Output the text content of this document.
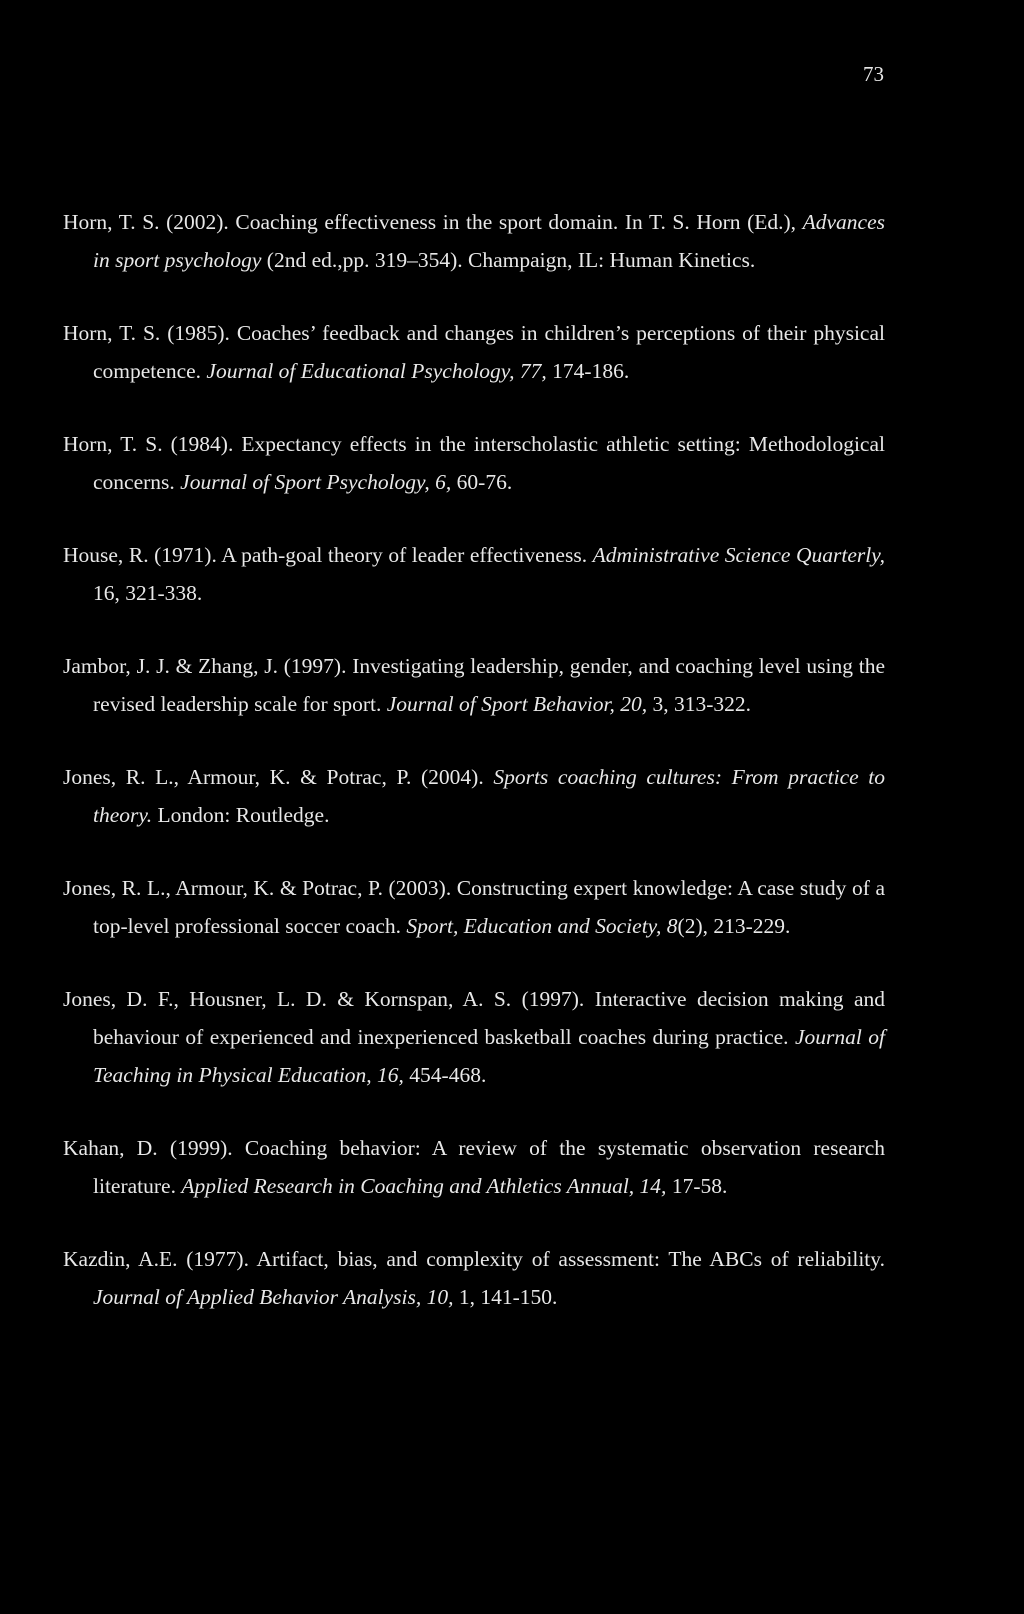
73

Horn, T. S. (2002). Coaching effectiveness in the sport domain. In T. S. Horn (Ed.), Advances in sport psychology (2nd ed.,pp. 319–354). Champaign, IL: Human Kinetics.

Horn, T. S. (1985). Coaches’ feedback and changes in children’s perceptions of their physical competence. Journal of Educational Psychology, 77, 174-186.

Horn, T. S. (1984). Expectancy effects in the interscholastic athletic setting: Methodological concerns. Journal of Sport Psychology, 6, 60-76.

House, R. (1971). A path-goal theory of leader effectiveness. Administrative Science Quarterly, 16, 321-338.

Jambor, J. J. & Zhang, J. (1997). Investigating leadership, gender, and coaching level using the revised leadership scale for sport. Journal of Sport Behavior, 20, 3, 313-322.

Jones, R. L., Armour, K. & Potrac, P. (2004). Sports coaching cultures: From practice to theory. London: Routledge.

Jones, R. L., Armour, K. & Potrac, P. (2003). Constructing expert knowledge: A case study of a top-level professional soccer coach. Sport, Education and Society, 8(2), 213-229.

Jones, D. F., Housner, L. D. & Kornspan, A. S. (1997). Interactive decision making and behaviour of experienced and inexperienced basketball coaches during practice. Journal of Teaching in Physical Education, 16, 454-468.

Kahan, D. (1999). Coaching behavior: A review of the systematic observation research literature. Applied Research in Coaching and Athletics Annual, 14, 17-58.

Kazdin, A.E. (1977). Artifact, bias, and complexity of assessment: The ABCs of reliability. Journal of Applied Behavior Analysis, 10, 1, 141-150.
